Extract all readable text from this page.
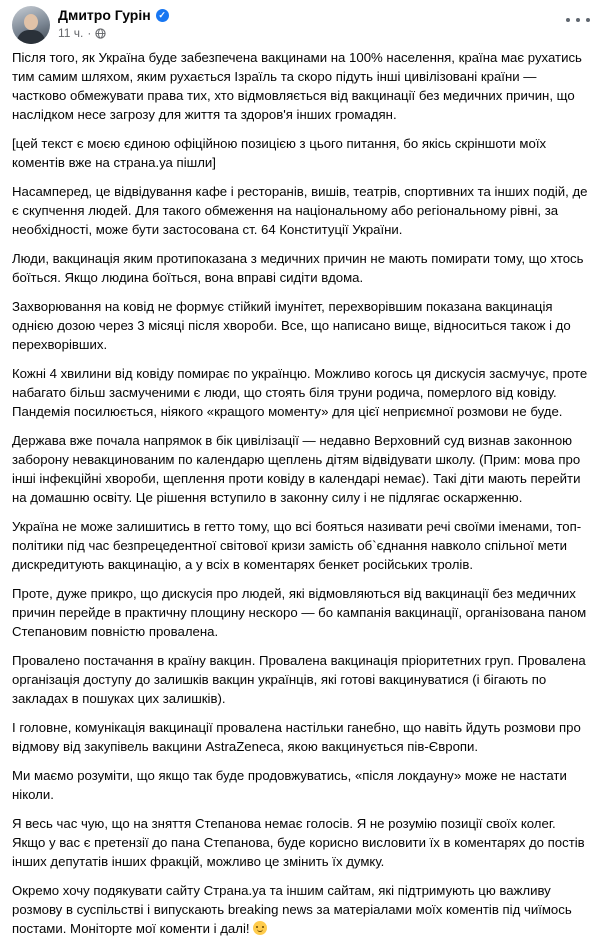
Дмитро Гурін ✓
11 ч. ·

Після того, як Україна буде забезпечена вакцинами на 100% населення, країна має рухатись тим самим шляхом, яким рухається Ізраїль та скоро підуть інші цивілізовані країни — частково обмежувати права тих, хто відмовляється від вакцинації без медичних причин, що наслідком несе загрозу для життя та здоров'я інших громадян.

[цей текст є моєю єдиною офіційною позицією з цього питання, бо якісь скріншоти моїх коментів вже на страна.уа пішли]

Насамперед, це відвідування кафе і ресторанів, вишів, театрів, спортивних та інших подій, де є скупчення людей. Для такого обмеження на національному або регіональному рівні, за необхідності, може бути застосована ст. 64 Конституції України.

Люди, вакцинація яким протипоказана з медичних причин не мають помирати тому, що хтось боїться. Якщо людина боїться, вона вправі сидіти вдома.

Захворювання на ковід не формує стійкий імунітет, перехворівшим показана вакцинація однією дозою через 3 місяці після хвороби. Все, що написано вище, відноситься також і до перехворівших.

Кожні 4 хвилини від ковіду помирає по українцю. Можливо когось ця дискусія засмучує, проте набагато більш засмученими є люди, що стоять біля труни родича, померлого від ковіду. Пандемія посилюється, ніякого «кращого моменту» для цієї неприємної розмови не буде.

Держава вже почала напрямок в бік цивілізації — недавно Верховний суд визнав законною заборону невакцинованим по календарю щеплень дітям відвідувати школу. (Прим: мова про інші інфекційні хвороби, щеплення проти ковіду в календарі немає). Такі діти мають перейти на домашню освіту. Це рішення вступило в законну силу і не підлягає оскарженню.

Україна не може залишитись в гетто тому, що всі бояться називати речі своїми іменами, топ-політики під час безпрецедентної світової кризи замість об`єднання навколо спільної мети дискредитують вакцинацію, а у всіх в коментарях бенкет російських тролів.

Проте, дуже прикро, що дискусія про людей, які відмовляються від вакцинації без медичних причин перейде в практичну площину нескоро — бо кампанія вакцинації, організована паном Степановим повністю провалена.

Провалено постачання в країну вакцин. Провалена вакцинація пріоритетних груп. Провалена організація доступу до залишків вакцин українців, які готові вакцинуватися (і бігають по закладах в пошуках цих залишків).

І головне, комунікація вакцинації провалена настільки ганебно, що навіть йдуть розмови про відмову від закупівель вакцини AstraZeneca, якою вакцинується пів-Європи.

Ми маємо розуміти, що якщо так буде продовжуватись, «після локдауну» може не настати ніколи.

Я весь час чую, що на зняття Степанова немає голосів. Я не розумію позиції своїх колег. Якщо у вас є претензії до пана Степанова, буде корисно висловити їх в коментарях до постів інших депутатів інших фракцій, можливо це змінить їх думку.

Окремо хочу подякувати сайту Страна.уа та іншим сайтам, які підтримують цю важливу розмову в суспільстві і випускають breaking news за матеріалами моїх коментів під чиїмось постами. Моніторте мої коменти і далі!
